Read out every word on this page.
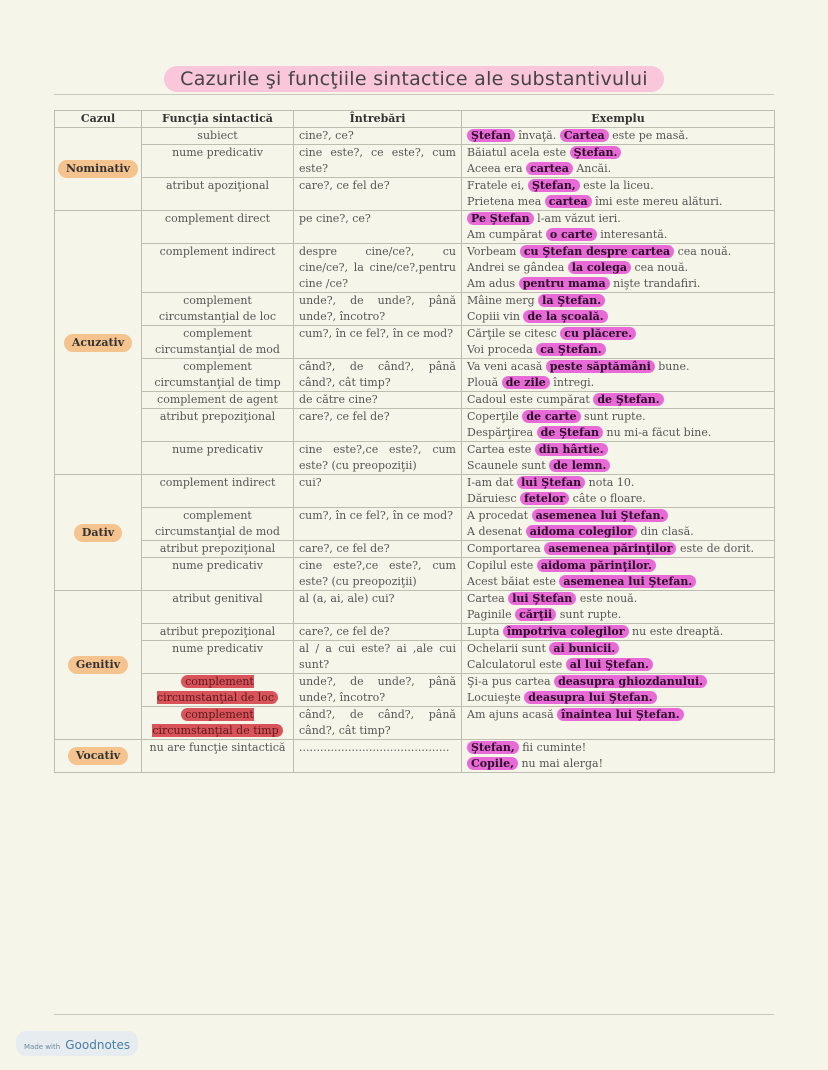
Cazurile şi funcţiile sintactice ale substantivului
Cazul	Funcţia sintactică	Întrebări	Exemplu
Nominativ	subiect	cine?, ce?	Ştefan învaţă. Cartea este pe masă.

	nume predicativ	cine este?, ce este?, cum este?	Băiatul acela este Ştefan.
Aceea era cartea Ancăi.

	atribut apoziţional	care?, ce fel de?	Fratele ei, Ştefan, este la liceu.
Prietena mea cartea îmi este mereu alături.

Acuzativ	complement direct	pe cine?, ce?	Pe Ştefan l-am văzut ieri.
Am cumpărat o carte interesantă.

	complement indirect	despre cine/ce?, cu cine/ce?, la cine/ce?,pentru cine /ce?	Vorbeam cu Ştefan despre cartea cea nouă.
Andrei se gândea la colega cea nouă.
Am adus pentru mama nişte trandafiri.

	complement circumstanţial de loc	unde?, de unde?, până unde?, încotro?	Mâine merg la Ştefan.
Copiii vin de la şcoală.

	complement circumstanţial de mod	cum?, în ce fel?, în ce mod?	Cărţile se citesc cu plăcere.
Voi proceda ca Ştefan.

	complement circumstanţial de timp	când?, de când?, până când?, cât timp?	Va veni acasă peste săptămâni bune.
Plouă de zile întregi.

	complement de agent	de către cine?	Cadoul este cumpărat de Ştefan.

	atribut prepoziţional	care?, ce fel de?	Coperţile de carte sunt rupte.
Despărţirea de Ştefan nu mi-a făcut bine.

	nume predicativ	cine este?,ce este?, cum este? (cu preopoziţii)	Cartea este din hârtie.
Scaunele sunt de lemn.

Dativ	complement indirect	cui?	I-am dat lui Ştefan nota 10.
Dăruiesc fetelor câte o floare.

	complement circumstanţial de mod	cum?, în ce fel?, în ce mod?	A procedat asemenea lui Ştefan.
A desenat aidoma colegilor din clasă.

	atribut prepoziţional	care?, ce fel de?	Comportarea asemenea părinţilor este de dorit.

	nume predicativ	cine este?,ce este?, cum este? (cu preopoziţii)	Copilul este aidoma părinţilor.
Acest băiat este asemenea lui Ştefan.

Genitiv	atribut genitival	al (a, ai, ale) cui?	Cartea lui Ştefan este nouă.
Paginile cărţii sunt rupte.

	atribut prepoziţional	care?, ce fel de?	Lupta împotriva colegilor nu este dreaptă.

	nume predicativ	al / a cui este? ai ,ale cui sunt?	Ochelarii sunt ai bunicii.
Calculatorul este al lui Ştefan.

	complement circumstanţial de loc	unde?, de unde?, până unde?, încotro?	Şi-a pus cartea deasupra ghiozdanului.
Locuieşte deasupra lui Ştefan.

	complement circumstanţial de timp	când?, de când?, până când?, cât timp?	Am ajuns acasă înaintea lui Ştefan.

Vocativ	nu are funcţie sintactică	...........................................	Ştefan, fii cuminte!
Copile, nu mai alerga!
Made with Goodnotes
